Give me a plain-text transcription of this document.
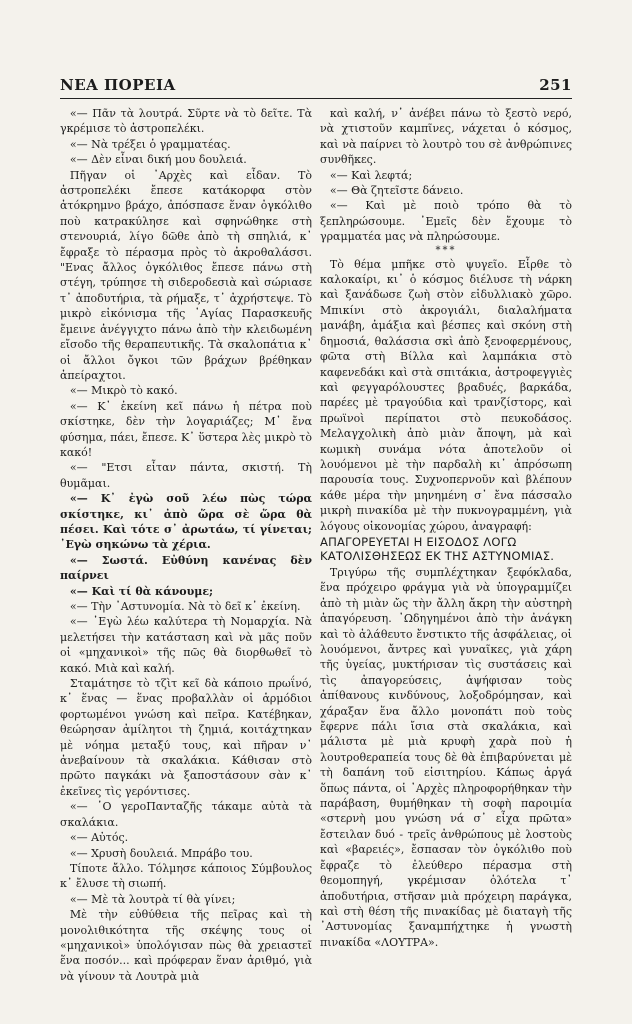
ΝΕΑ ΠΟΡΕΙΑ	251

«— Πᾶν τὰ λουτρά. Σῦρτε νὰ τὸ δεῖτε. Τὰ γκρέμισε τὸ ἀστροπελέκι.

«— Νὰ τρέξει ὁ γραμματέας.

«— Δὲν εἶναι δική μου δουλειά.

Πῆγαν οἱ ᾿Αρχὲς καὶ εἶδαν. Τὸ ἀστροπελέκι ἔπεσε κατάκορφα στὸν ἀτόκρημνο βράχο, ἀπόσπασε ἕναν ὀγκόλιθο ποὺ κατρακύλησε καὶ σφηνώθηκε στὴ στενουριά, λίγο δῶθε ἀπὸ τὴ σπηλιά, κ᾿ ἔφραξε τὸ πέρασμα πρὸς τὸ ἀκροθαλάσσι. "Ενας ἄλλος ὀγκόλιθος ἔπεσε πάνω στὴ στέγη, τρύπησε τὴ σιδεροδεσιὰ καὶ σώριασε τ᾿ ἀποδυτήρια, τὰ ρήμαξε, τ᾿ ἀχρήστεψε. Τὸ μικρὸ εἰκόνισμα τῆς ῾Αγίας Παρασκευῆς ἔμεινε ἀνέγγιχτο πάνω ἀπὸ τὴν κλειδωμένη εἴσοδο τῆς θεραπευτικῆς. Τὰ σκαλοπάτια κ᾿ οἱ ἄλλοι ὄγκοι τῶν βράχων βρέθηκαν ἀπείραχτοι.

«— Μικρὸ τὸ κακό.

«— Κ᾿ ἐκείνη κεῖ πάνω ἡ πέτρα ποὺ σκίστηκε, δὲν τὴν λογαριάζες; Μ᾿ ἔνα φύσημα, πάει, ἔπεσε. Κ᾿ ὕστερα λὲς μικρὸ τὸ κακό!

«— "Ετσι εἶταν πάντα, σκιστή. Τὴ θυμᾶμαι.

«— Κ᾿ ἐγὼ σοῦ λέω πὼς τώρα σκίστηκε, κι᾿ ἀπὸ ὥρα σὲ ὥρα θὰ πέσει. Καὶ τότε σ᾿ ἀρωτάω, τί γίνεται; ᾿Εγὼ σηκώνω τὰ χέρια.

«— Σωστά. Εὐθύνη κανένας δὲν παίρνει

«— Καὶ τί θὰ κάνουμε;

«— Τὴν ᾿Αστυνομία. Νὰ τὸ δεῖ κ᾿ ἐκείνη.

«— ᾿Εγὼ λέω καλύτερα τὴ Νομαρχία. Νὰ μελετήσει τὴν κατάσταση καὶ νὰ μᾶς ποῦν οἱ «μηχανικοὶ» τῆς πῶς θὰ διορθωθεῖ τὸ κακό. Μιὰ καὶ καλή.

Σταμάτησε τὸ τζὶτ κεῖ δὰ κάποιο πρωΐνό, κ᾿ ἕνας — ἕνας προβαλλὰν οἱ ἁρμόδιοι φορτωμένοι γνώση καὶ πεῖρα. Κατέβηκαν, θεώρησαν ἀμίλητοι τὴ ζημιά, κοιτάχτηκαν μὲ νόημα μεταξύ τους, καὶ πῆραν ν᾿ ἀνεβαίνουν τὰ σκαλάκια. Κάθισαν στὸ πρῶτο παγκάκι νὰ ξαποστάσουν σὰν κ᾿ ἐκεῖνες τὶς γερόντισες.

«— ῾Ο γεροΠανταζῆς τάκαμε αὐτὰ τὰ σκαλάκια.

«— Αὐτός.

«— Χρυσὴ δουλειά. Μπράβο του.

Τίποτε ἄλλο. Τόλμησε κάποιος Σύμβουλος κ᾿ ἔλυσε τὴ σιωπή.

«— Μὲ τὰ λουτρὰ τί θὰ γίνει;

Μὲ τὴν εὐθύθεια τῆς πεῖρας καὶ τὴ μονολιθικότητα τῆς σκέψης τους οἱ «μηχανικοὶ» ὑπολόγισαν πὼς θὰ χρειαστεῖ ἕνα ποσόν... καὶ πρόφεραν ἕναν ἀριθμό, γιὰ νὰ γίνουν τὰ Λουτρὰ μιὰ

καὶ καλή, ν᾿ ἀνέβει πάνω τὸ ξεστὸ νερό, νὰ χτιστοῦν καμπῖνες, νάχεται ὁ κόσμος, καὶ νὰ παίρνει τὸ λουτρὸ του σὲ ἀνθρώπινες συνθῆκες.

«— Καὶ λεφτά;

«— Θὰ ζητεῖστε δάνειο.

«— Καὶ μὲ ποιὸ τρόπο θὰ τὸ ξεπληρώσουμε. ᾿Εμεῖς δὲν ἔχουμε τὸ γραμματέα μας νὰ πληρώσουμε.

***

Τὸ θέμα μπῆκε στὸ ψυγεῖο. Εἶρθε τὸ καλοκαίρι, κι᾿ ὁ κόσμος διέλυσε τὴ νάρκη καὶ ξανάδωσε ζωὴ στὸν εἰδυλλιακὸ χῶρο. Μπικίνι στὸ ἀκρογιάλι, διαλαλήματα μανάβη, ἀμάξια καὶ βέσπες καὶ σκόνη στὴ δημοσιά, θαλάσσια σκὶ ἀπὸ ξενοφερμένους, φῶτα στὴ Βίλλα καὶ λαμπάκια στὸ καφενεδάκι καὶ στὰ σπιτάκια, ἀστροφεγγιὲς καὶ φεγγαρόλουστες βραδυές, βαρκάδα, παρέες μὲ τραγούδια καὶ τρανζίστορς, καὶ πρωϊνοὶ περίπατοι στὸ πευκοδάσος. Μελαγχολικὴ ἀπὸ μιὰν ἄποψη, μὰ καὶ κωμικὴ συνάμα νότα ἀποτελοῦν οἱ λουόμενοι μὲ τὴν παρδαλὴ κι᾿ ἀπρόσωπη παρουσία τους. Συχνοπερνοῦν καὶ βλέπουν κάθε μέρα τὴν μηνημένη σ᾿ ἔνα πάσσαλο μικρὴ πινακίδα μὲ τὴν πυκνογραμμένη, γιὰ λόγους οἰκονομίας χώρου, ἀναγραφή:

ΑΠΑΓΟΡΕΥΕΤΑΙ Η ΕΙΣΟΔΟΣ ΛΟΓΩ ΚΑΤΟΛΙΣΘΗΣΕΩΣ ΕΚ ΤΗΣ ΑΣΤΥΝΟΜΙΑΣ.

Τριγύρω τῆς συμπλέχτηκαν ξεφόκλαδα, ἕνα πρόχειρο φράγμα γιὰ νὰ ὑπογραμμίζει ἀπὸ τὴ μιὰν ὤς τὴν ἄλλη ἄκρη τὴν αὐστηρὴ ἀπαγόρευση. ᾿Ωδηγημένοι ἀπὸ τὴν ἀνάγκη καὶ τὸ ἀλάθευτο ἔνστικτο τῆς ἀσφάλειας, οἱ λουόμενοι, ἄντρες καὶ γυναῖκες, γιὰ χάρη τῆς ὑγείας, μυκτήρισαν τὶς συστάσεις καὶ τὶς ἀπαγορεύσεις, ἀψήφισαν τοὺς ἀπίθανους κινδύνους, λοξοδρόμησαν, καὶ χάραξαν ἕνα ἄλλο μονοπάτι ποὺ τοὺς ἔφερνε πάλι ἴσια στὰ σκαλάκια, καὶ μάλιστα μὲ μιὰ κρυφὴ χαρὰ ποὺ ἡ λουτροθεραπεία τους δὲ θὰ ἐπιβαρύνεται μὲ τὴ δαπάνη τοῦ εἰσιτηρίου. Κάπως ἀργά ὅπως πάντα, οἱ ᾿Αρχὲς πληροφορήθηκαν τὴν παράβαση, θυμήθηκαν τὴ σοφὴ παροιμία «στερνὴ μου γνώση νά σ᾿ εἶχα πρῶτα» ἔστειλαν δυό - τρεῖς ἀνθρώπους μὲ λοστοὺς καὶ «βαρειές», ἔσπασαν τὸν ὀγκόλιθο ποὺ ἔφραζε τὸ ἐλεύθερο πέρασμα στὴ θεομοπηγή, γκρέμισαν ὁλότελα τ᾿ ἀποδυτήρια, στῆσαν μιὰ πρόχειρη παράγκα, καὶ στὴ θέση τῆς πινακίδας μὲ διαταγὴ τῆς ᾿Αστυνομίας ξαναμπήχτηκε ἡ γνωστὴ πινακίδα «ΛΟΥΤΡΑ».
